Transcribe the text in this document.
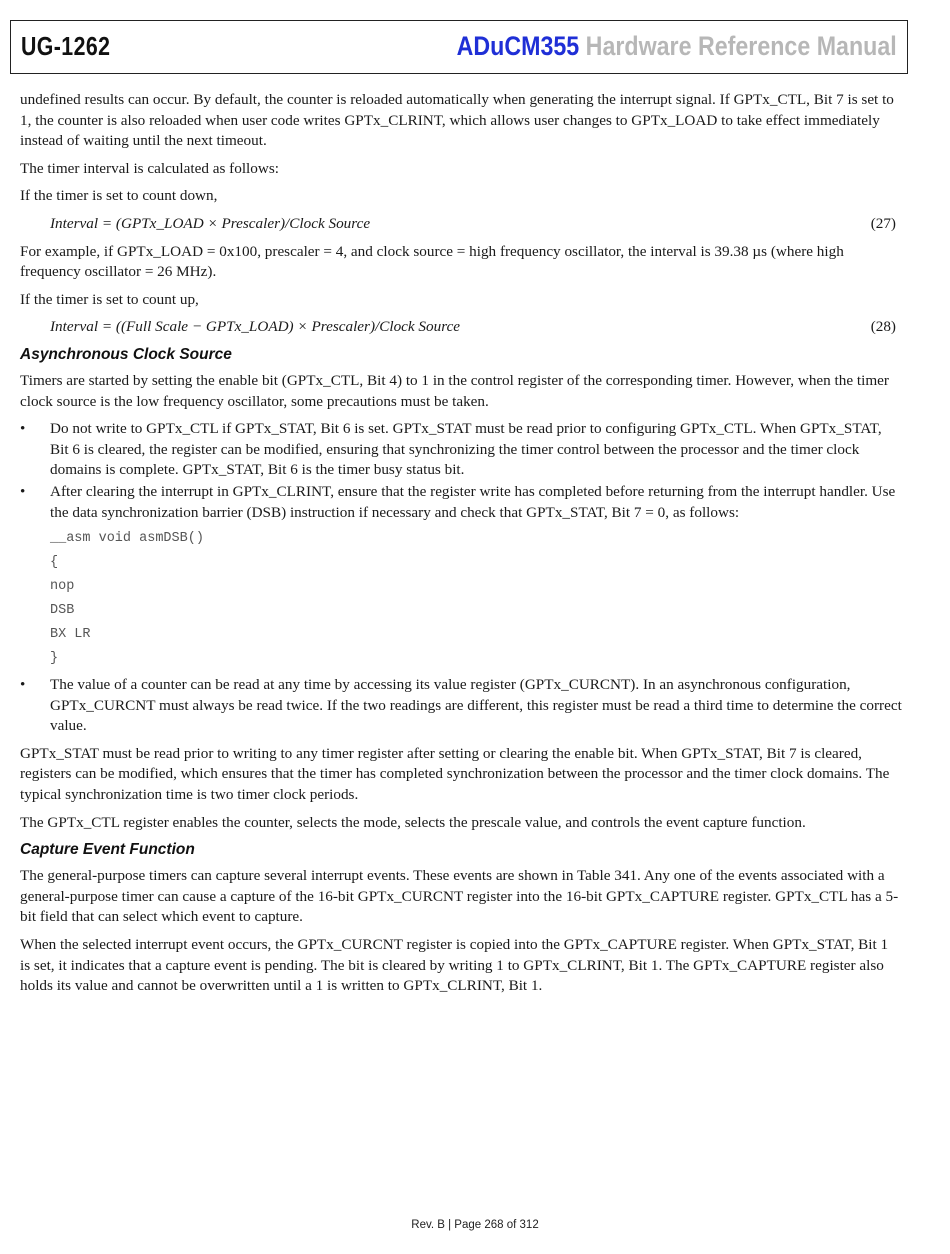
UG-1262	ADuCM355 Hardware Reference Manual

undefined results can occur. By default, the counter is reloaded automatically when generating the interrupt signal. If GPTx_CTL, Bit 7 is set to 1, the counter is also reloaded when user code writes GPTx_CLRINT, which allows user changes to GPTx_LOAD to take effect immediately instead of waiting until the next timeout.

The timer interval is calculated as follows:

If the timer is set to count down,

Interval = (GPTx_LOAD × Prescaler)/Clock Source	(27)

For example, if GPTx_LOAD = 0x100, prescaler = 4, and clock source = high frequency oscillator, the interval is 39.38 µs (where high frequency oscillator = 26 MHz).

If the timer is set to count up,

Interval = ((Full Scale − GPTx_LOAD) × Prescaler)/Clock Source	(28)
Asynchronous Clock Source

Timers are started by setting the enable bit (GPTx_CTL, Bit 4) to 1 in the control register of the corresponding timer. However, when the timer clock source is the low frequency oscillator, some precautions must be taken.

• Do not write to GPTx_CTL if GPTx_STAT, Bit 6 is set. GPTx_STAT must be read prior to configuring GPTx_CTL. When GPTx_STAT, Bit 6 is cleared, the register can be modified, ensuring that synchronizing the timer control between the processor and the timer clock domains is complete. GPTx_STAT, Bit 6 is the timer busy status bit.
• After clearing the interrupt in GPTx_CLRINT, ensure that the register write has completed before returning from the interrupt handler. Use the data synchronization barrier (DSB) instruction if necessary and check that GPTx_STAT, Bit 7 = 0, as follows:
__asm void asmDSB()
{
nop
DSB
BX LR
}
• The value of a counter can be read at any time by accessing its value register (GPTx_CURCNT). In an asynchronous configuration, GPTx_CURCNT must always be read twice. If the two readings are different, this register must be read a third time to determine the correct value.

GPTx_STAT must be read prior to writing to any timer register after setting or clearing the enable bit. When GPTx_STAT, Bit 7 is cleared, registers can be modified, which ensures that the timer has completed synchronization between the processor and the timer clock domains. The typical synchronization time is two timer clock periods.

The GPTx_CTL register enables the counter, selects the mode, selects the prescale value, and controls the event capture function.

Capture Event Function

The general-purpose timers can capture several interrupt events. These events are shown in Table 341. Any one of the events associated with a general-purpose timer can cause a capture of the 16-bit GPTx_CURCNT register into the 16-bit GPTx_CAPTURE register. GPTx_CTL has a 5-bit field that can select which event to capture.

When the selected interrupt event occurs, the GPTx_CURCNT register is copied into the GPTx_CAPTURE register. When GPTx_STAT, Bit 1 is set, it indicates that a capture event is pending. The bit is cleared by writing 1 to GPTx_CLRINT, Bit 1. The GPTx_CAPTURE register also holds its value and cannot be overwritten until a 1 is written to GPTx_CLRINT, Bit 1.

Rev. B | Page 268 of 312
